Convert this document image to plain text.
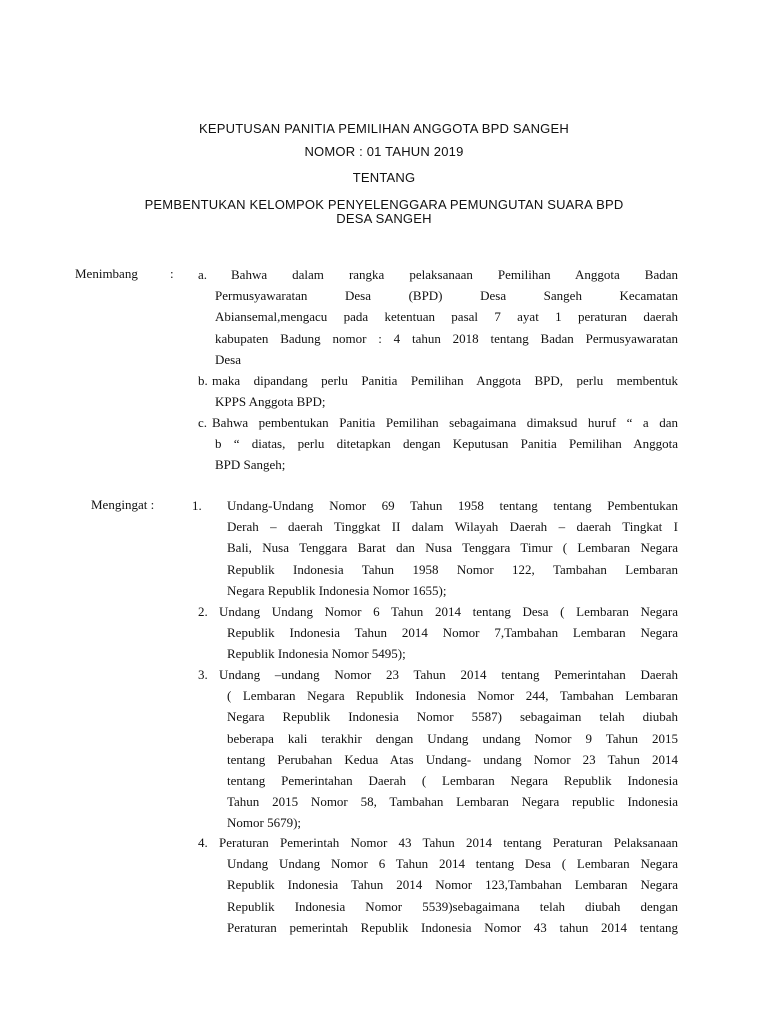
KEPUTUSAN PANITIA PEMILIHAN ANGGOTA BPD SANGEH
NOMOR : 01 TAHUN 2019
TENTANG
PEMBENTUKAN KELOMPOK PENYELENGGARA PEMUNGUTAN SUARA BPD
DESA SANGEH
Menimbang : a.	Bahwa dalam rangka pelaksanaan Pemilihan Anggota Badan
Permusyawaratan Desa (BPD) Desa Sangeh Kecamatan
Abiansemal,mengacu pada ketentuan pasal 7 ayat 1 peraturan daerah
kabupaten Badung nomor : 4 tahun 2018 tentang Badan Permusyawaratan
Desa
b. maka dipandang perlu Panitia Pemilihan Anggota BPD, perlu membentuk
KPPS Anggota BPD;
c. Bahwa pembentukan Panitia Pemilihan sebagaimana dimaksud huruf “ a dan
b “ diatas, perlu ditetapkan dengan Keputusan Panitia Pemilihan Anggota
BPD Sangeh;
Mengingat :	1. Undang-Undang Nomor 69 Tahun 1958 tentang tentang Pembentukan
Derah – daerah Tinggkat II dalam Wilayah Daerah – daerah Tingkat I
Bali, Nusa Tenggara Barat dan Nusa Tenggara Timur ( Lembaran Negara
Republik Indonesia Tahun 1958 Nomor 122, Tambahan Lembaran
Negara Republik Indonesia Nomor 1655);
2. Undang Undang Nomor 6 Tahun 2014 tentang Desa ( Lembaran Negara
Republik Indonesia Tahun 2014 Nomor 7,Tambahan Lembaran Negara
Republik Indonesia Nomor 5495);
3. Undang –undang Nomor 23 Tahun 2014 tentang Pemerintahan Daerah
( Lembaran Negara Republik Indonesia Nomor 244, Tambahan Lembaran
Negara Republik Indonesia Nomor 5587) sebagaiman telah diubah
beberapa kali terakhir dengan Undang undang Nomor 9 Tahun 2015
tentang Perubahan Kedua Atas Undang- undang Nomor 23 Tahun 2014
tentang Pemerintahan Daerah ( Lembaran Negara Republik Indonesia
Tahun 2015 Nomor 58, Tambahan Lembaran Negara republic Indonesia
Nomor 5679);
4. Peraturan Pemerintah Nomor 43 Tahun 2014 tentang Peraturan Pelaksanaan
Undang Undang Nomor 6 Tahun 2014 tentang Desa ( Lembaran Negara
Republik Indonesia Tahun 2014 Nomor 123,Tambahan Lembaran Negara
Republik Indonesia Nomor 5539)sebagaimana telah diubah dengan
Peraturan pemerintah Republik Indonesia Nomor 43 tahun 2014 tentang
